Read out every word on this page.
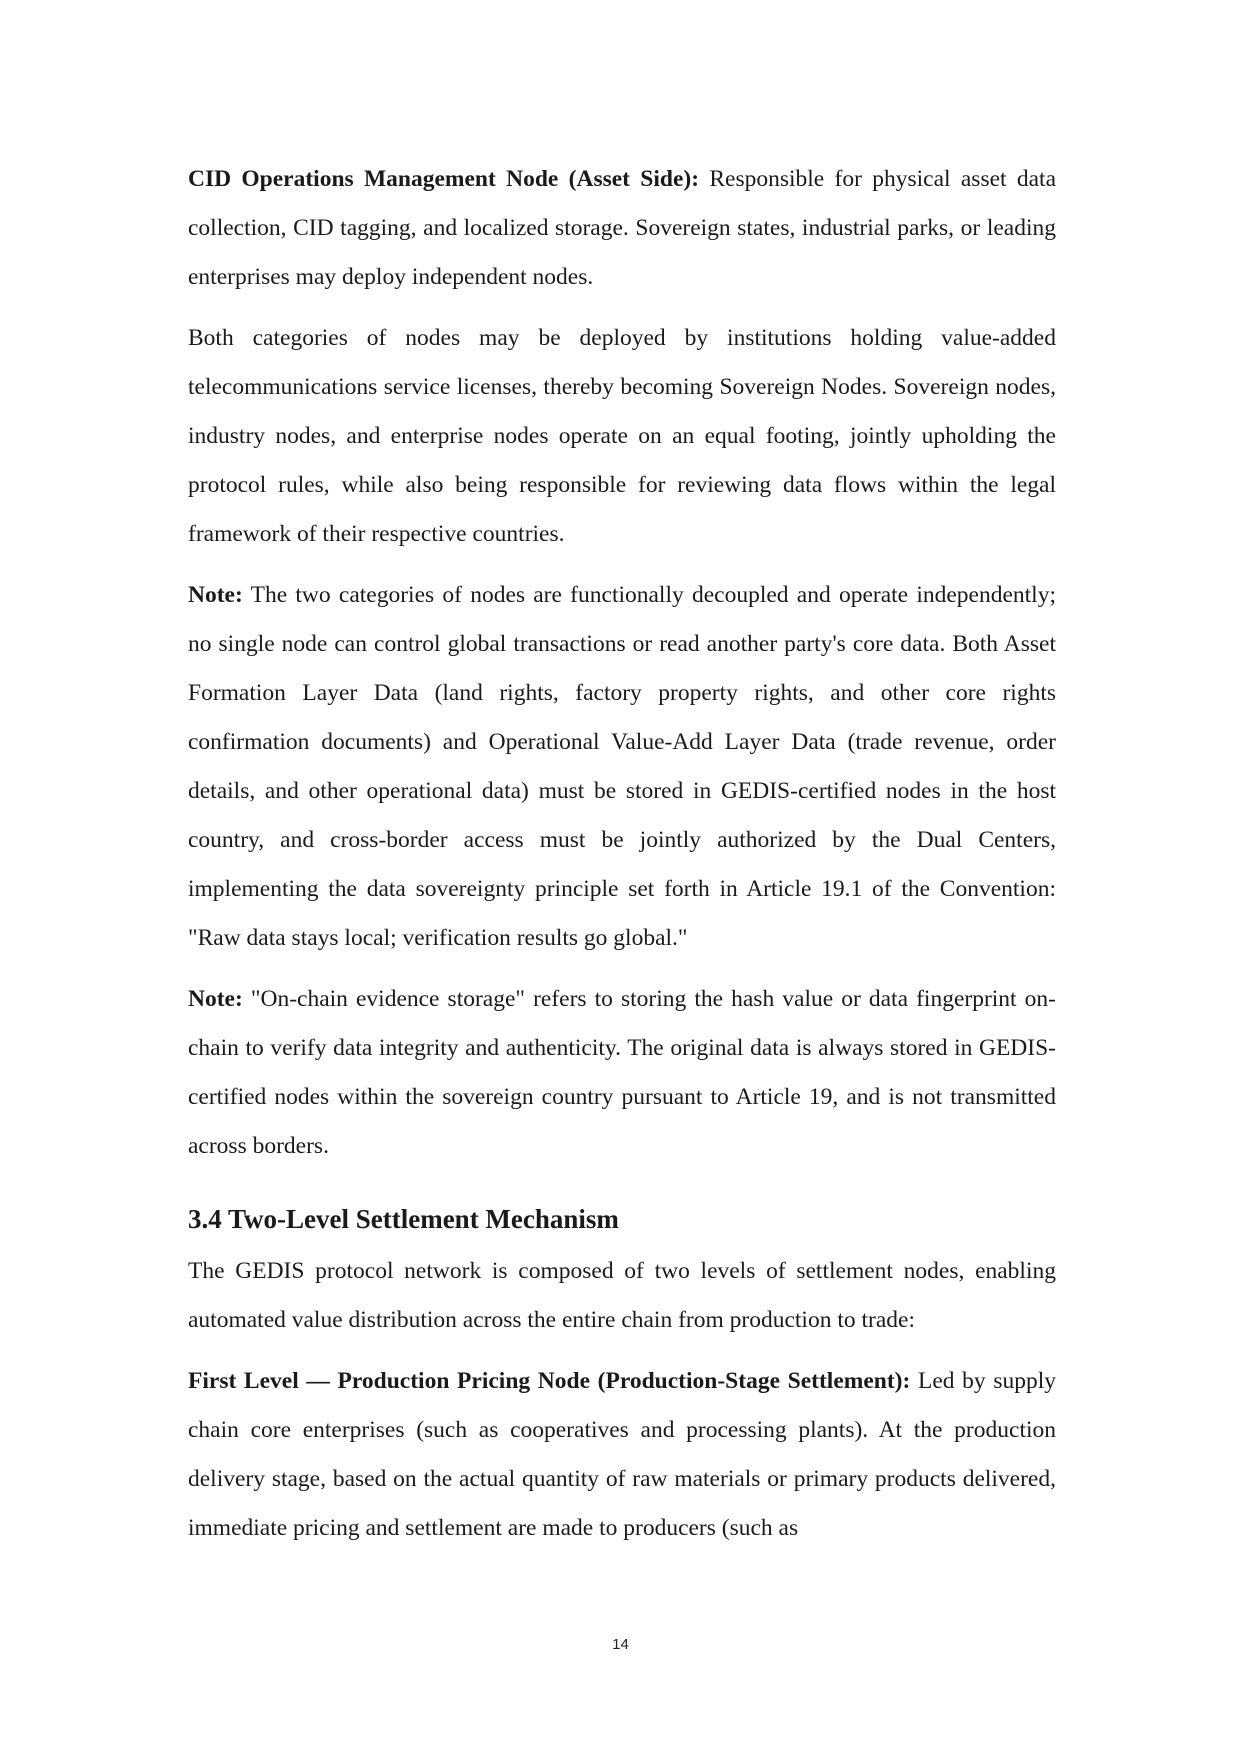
CID Operations Management Node (Asset Side): Responsible for physical asset data collection, CID tagging, and localized storage. Sovereign states, industrial parks, or leading enterprises may deploy independent nodes.

Both categories of nodes may be deployed by institutions holding value-added telecommunications service licenses, thereby becoming Sovereign Nodes. Sovereign nodes, industry nodes, and enterprise nodes operate on an equal footing, jointly upholding the protocol rules, while also being responsible for reviewing data flows within the legal framework of their respective countries.

Note: The two categories of nodes are functionally decoupled and operate independently; no single node can control global transactions or read another party's core data. Both Asset Formation Layer Data (land rights, factory property rights, and other core rights confirmation documents) and Operational Value-Add Layer Data (trade revenue, order details, and other operational data) must be stored in GEDIS-certified nodes in the host country, and cross-border access must be jointly authorized by the Dual Centers, implementing the data sovereignty principle set forth in Article 19.1 of the Convention: "Raw data stays local; verification results go global."

Note: "On-chain evidence storage" refers to storing the hash value or data fingerprint on-chain to verify data integrity and authenticity. The original data is always stored in GEDIS-certified nodes within the sovereign country pursuant to Article 19, and is not transmitted across borders.

3.4 Two-Level Settlement Mechanism

The GEDIS protocol network is composed of two levels of settlement nodes, enabling automated value distribution across the entire chain from production to trade:

First Level — Production Pricing Node (Production-Stage Settlement): Led by supply chain core enterprises (such as cooperatives and processing plants). At the production delivery stage, based on the actual quantity of raw materials or primary products delivered, immediate pricing and settlement are made to producers (such as

14
